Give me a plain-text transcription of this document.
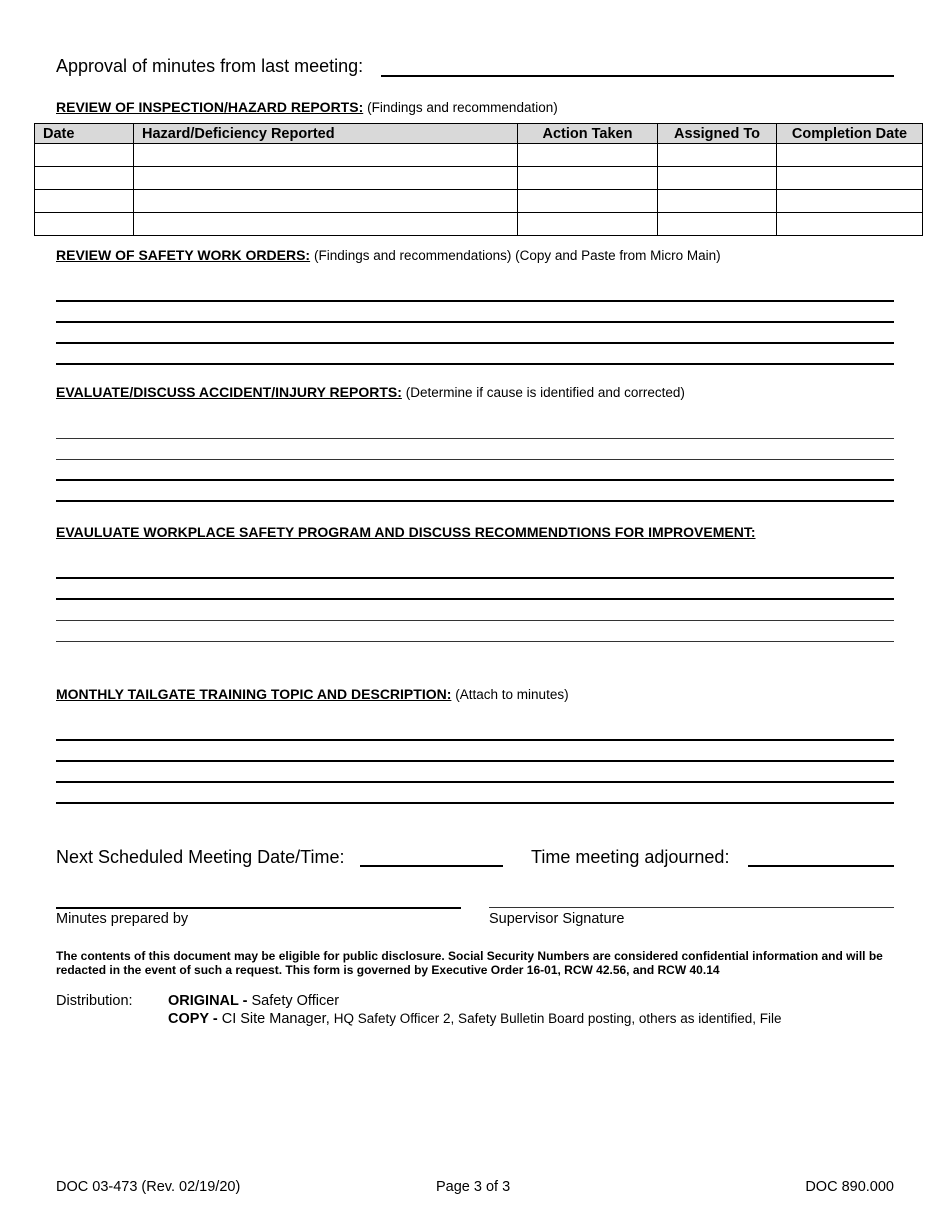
Approval of minutes from last meeting:
REVIEW OF INSPECTION/HAZARD REPORTS: (Findings and recommendation)
Date	Hazard/Deficiency Reported	Action Taken	Assigned To	Completion Date

REVIEW OF SAFETY WORK ORDERS: (Findings and recommendations) (Copy and Paste from Micro Main)
EVALUATE/DISCUSS ACCIDENT/INJURY REPORTS: (Determine if cause is identified and corrected)
EVAULUATE WORKPLACE SAFETY PROGRAM AND DISCUSS RECOMMENDTIONS FOR IMPROVEMENT:
MONTHLY TAILGATE TRAINING TOPIC AND DESCRIPTION: (Attach to minutes)
Next Scheduled Meeting Date/Time:	Time meeting adjourned:
Minutes prepared by	Supervisor Signature
The contents of this document may be eligible for public disclosure. Social Security Numbers are considered confidential information and will be redacted in the event of such a request. This form is governed by Executive Order 16-01, RCW 42.56, and RCW 40.14
Distribution: ORIGINAL - Safety Officer
COPY - CI Site Manager, HQ Safety Officer 2, Safety Bulletin Board posting, others as identified, File
DOC 03-473 (Rev. 02/19/20)	Page 3 of 3	DOC 890.000
